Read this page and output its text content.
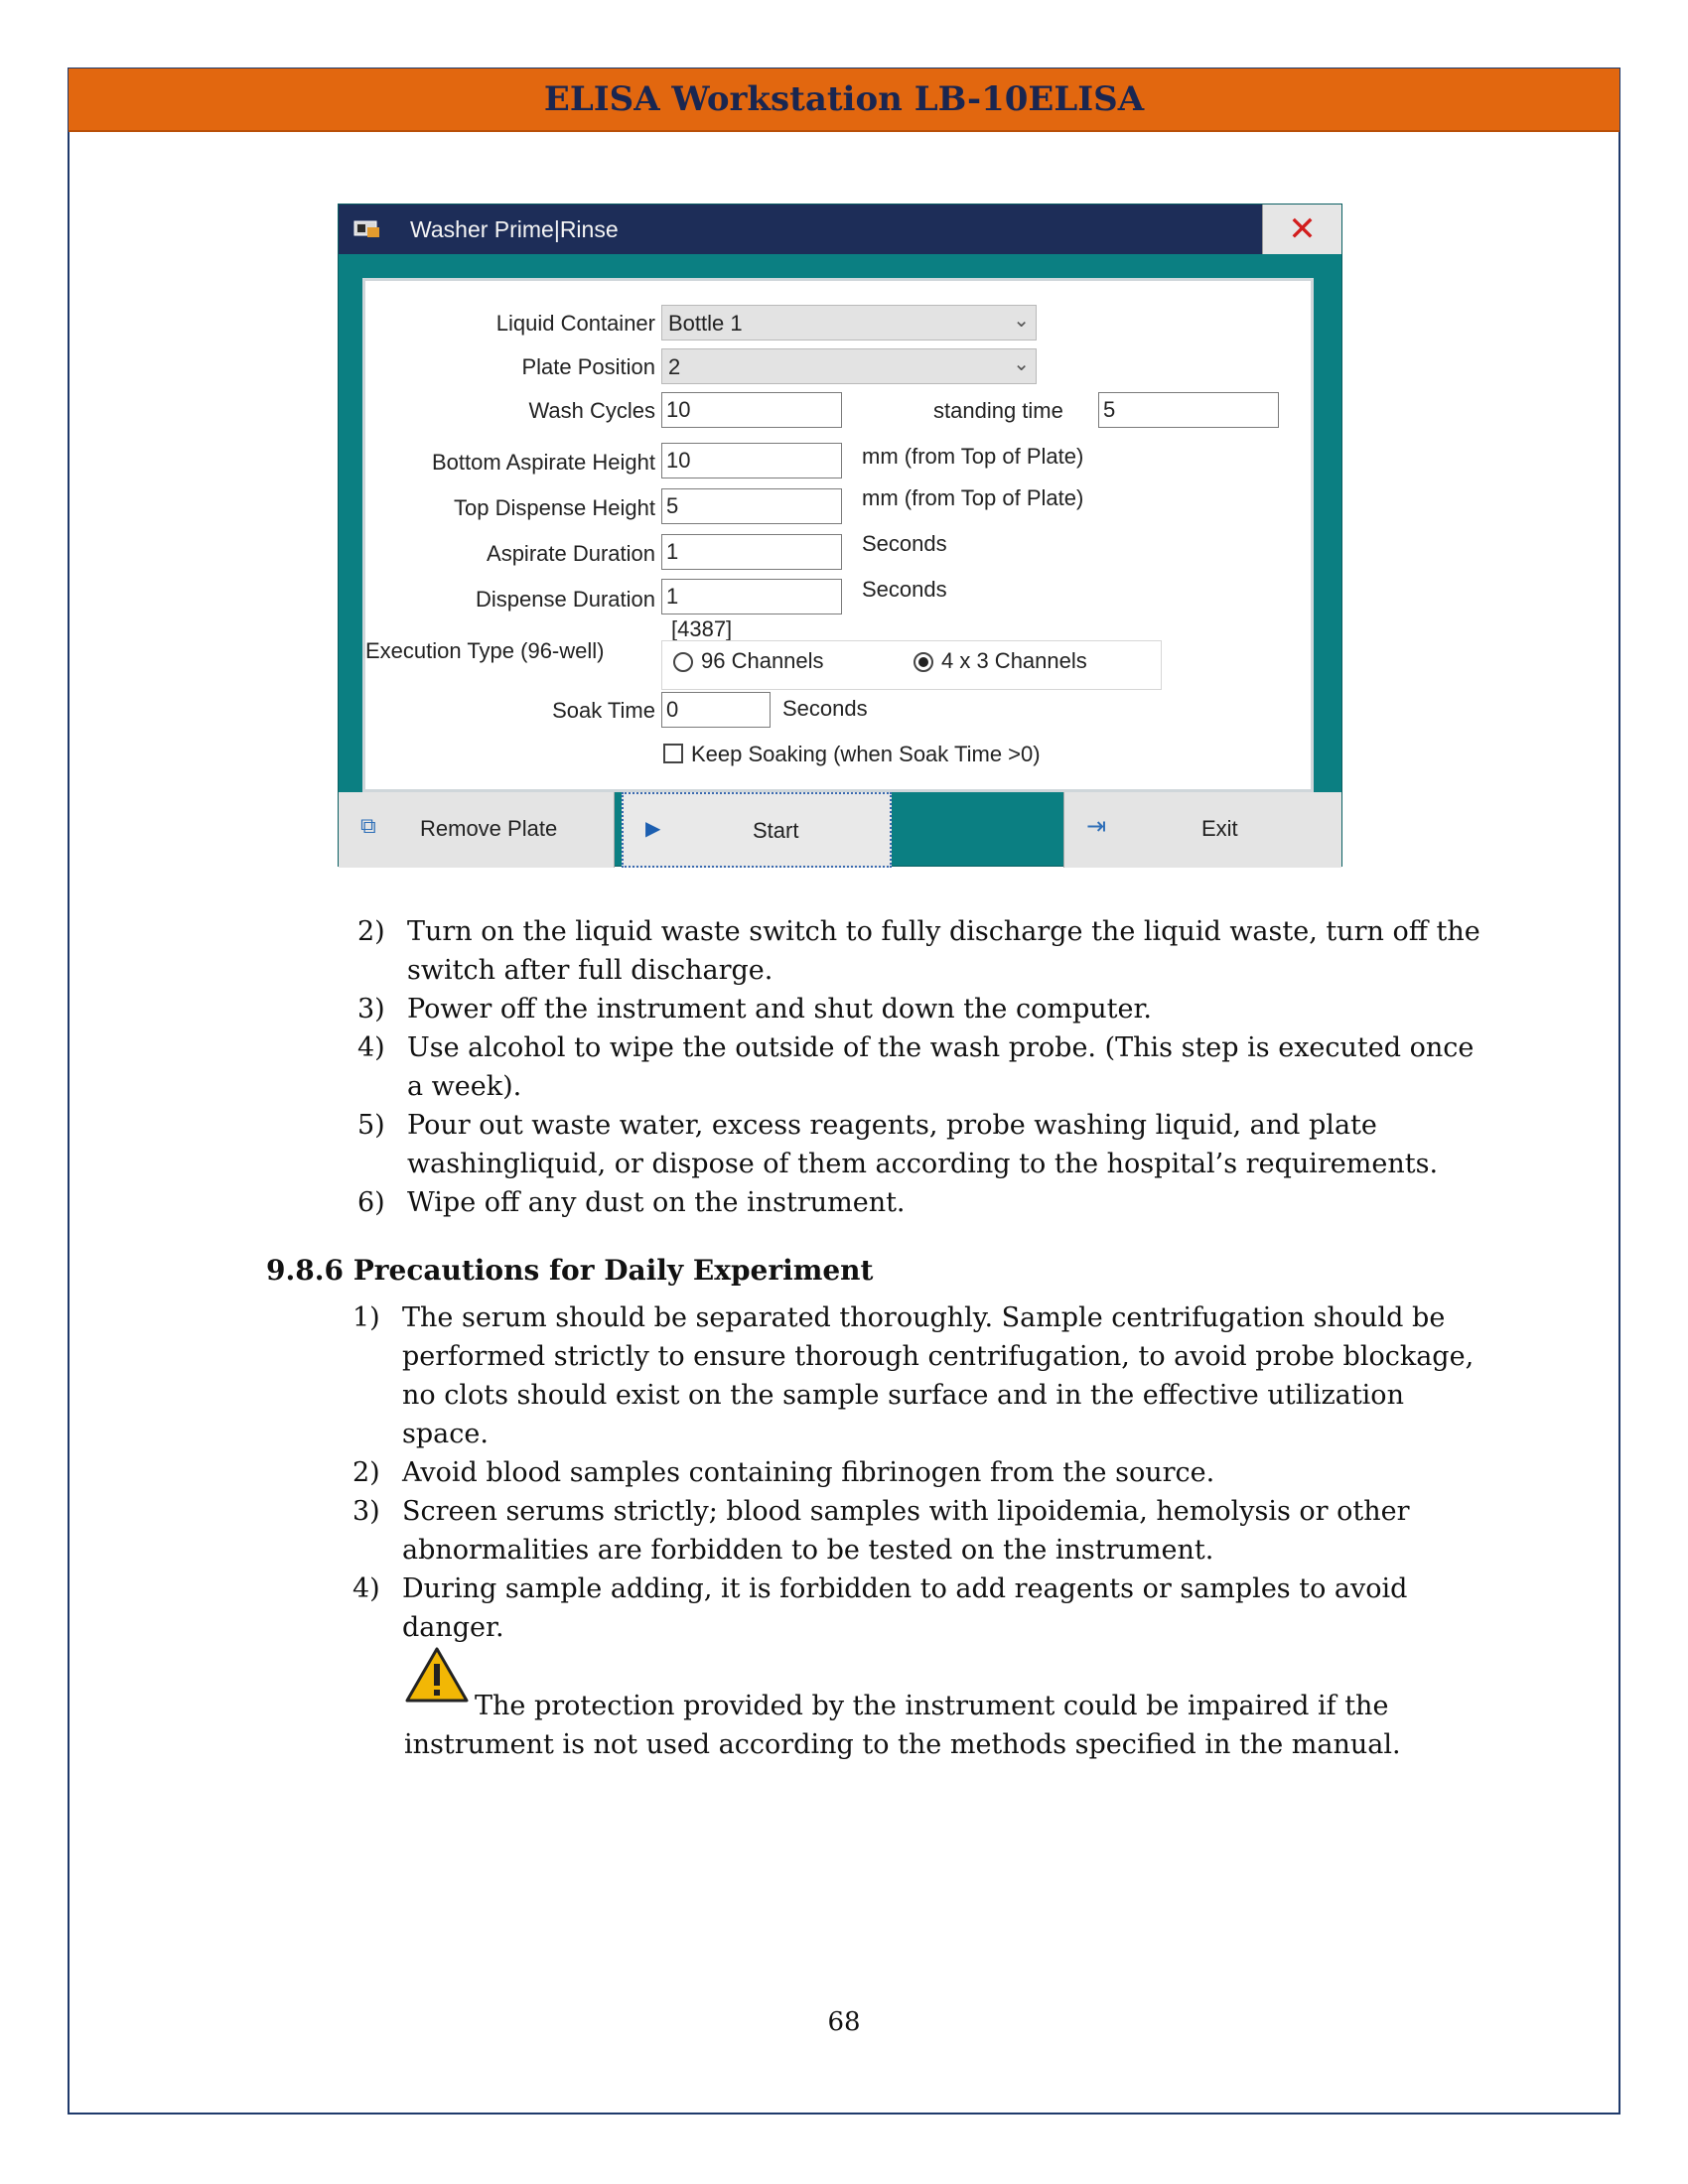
ELISA Workstation LB-10ELISA
Washer Prime|Rinse	✕
Liquid Container Bottle 1	⌄
Plate Position 2	⌄
Wash Cycles 10	standing time 5
Bottom Aspirate Height 10	mm (from Top of Plate)
Top Dispense Height 5	mm (from Top of Plate)
Aspirate Duration 1	Seconds
Dispense Duration 1	Seconds
Execution Type (96-well)
[4387]
96 Channels	4 x 3 Channels
Soak Time 0	Seconds
Keep Soaking (when Soak Time >0)
⧉ Remove Plate	▶	Start	⇥	Exit
2) Turn on the liquid waste switch to fully discharge the liquid waste, turn off the
switch after full discharge.
3) Power off the instrument and shut down the computer.
4) Use alcohol to wipe the outside of the wash probe. (This step is executed once
a week).
5) Pour out waste water, excess reagents, probe washing liquid, and plate
washingliquid, or dispose of them according to the hospital’s requirements.
6) Wipe off any dust on the instrument.
9.8.6 Precautions for Daily Experiment
1) The serum should be separated thoroughly. Sample centrifugation should be
performed strictly to ensure thorough centrifugation, to avoid probe blockage,
no clots should exist on the sample surface and in the effective utilization
space.
2) Avoid blood samples containing fibrinogen from the source.
3) Screen serums strictly; blood samples with lipoidemia, hemolysis or other
abnormalities are forbidden to be tested on the instrument.
4) During sample adding, it is forbidden to add reagents or samples to avoid
danger.
The protection provided by the instrument could be impaired if the
instrument is not used according to the methods specified in the manual.
68
